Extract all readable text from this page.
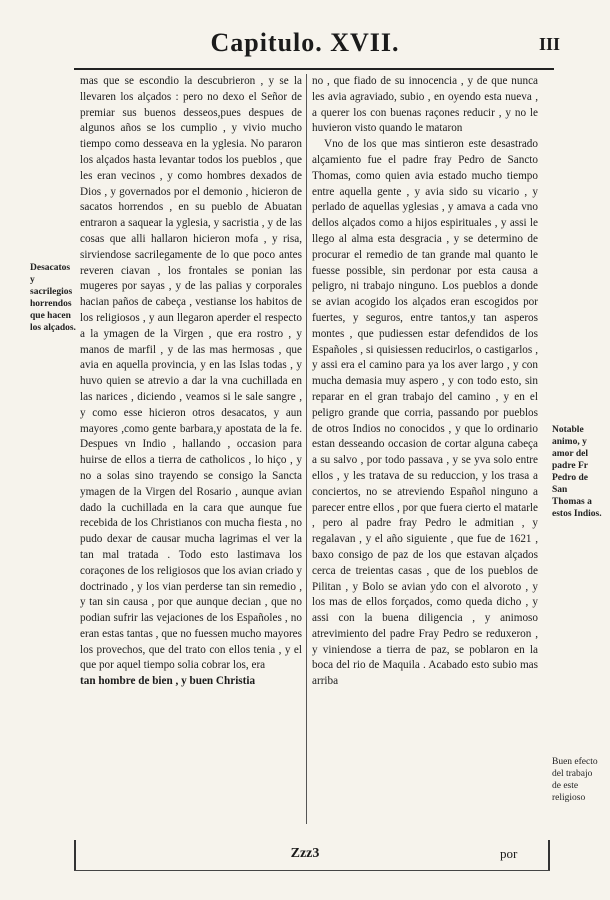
Capitulo. XVII.	III
Desacatos y sacrilegios horrendos que hacen los alçados.

mas que se escondio la descubrieron , y se la llevaren los alçados : pero no dexo el Señor de premiar sus buenos desseos,pues despues de algunos años se los cumplio , y vivio mucho tiempo como desseava en la yglesia. No pararon los alçados hasta levantar todos los pueblos , que les eran vecinos , y como hombres dexados de Dios , y governados por el demonio , hicieron de sacatos horrendos , en su pueblo de Abuatan entraron a saquear la yglesia, y sacristia , y de las cosas que alli hallaron hicieron mofa , y risa, sirviendose sacrilegamente de lo que poco antes reveren ciavan , los frontales se ponian las mugeres por sayas , y de las palias y corporales hacian paños de cabeça , vestianse los habitos de los religiosos , y aun llegaron aperder el respecto a la ymagen de la Virgen , que era rostro , y manos de marfil , y de las mas hermosas , que avia en aquella provincia, y en las Islas todas , y huvo quien se atrevio a dar la vna cuchillada en las narices , diciendo , veamos si le sale sangre , y como esse hicieron otros desacatos, y aun mayores ,como gente barbara,y apostata de la fe. Despues vn Indio , hallando , occasion para huirse de ellos a tierra de catholicos , lo hiço , y no a solas sino trayendo se consigo la Sancta ymagen de la Virgen del Rosario , aunque avian dado la cuchillada en la cara que aunque fue recebida de los Christianos con mucha fiesta , no pudo dexar de causar mucha lagrimas el ver la tan mal tratada . Todo esto lastimava los coraçones de los religiosos que los avian criado y doctrinado , y los vian perderse tan sin remedio , y tan sin causa , por que aunque decian , que no podian sufrir las vejaciones de los Españoles , no eran estas tantas , que no fuessen mucho mayores los provechos, que del trato con ellos tenia , y el que por aquel tiempo solia cobrar los, era

tan hombre de bien , y buen Christia

no , que fiado de su innocencia , y de que nunca les avia agraviado, subio , en oyendo esta nueva , a querer los con buenas raçones reducir , y no le huvieron visto quando le mataron

Vno de los que mas sintieron este desastrado alçamiento fue el padre fray Pedro de Sancto Thomas, como quien avia estado mucho tiempo entre aquella gente , y avia sido su vicario , y perlado de aquellas yglesias , y amava a cada vno dellos alçados como a hijos espirituales , y assi le llego al alma esta desgracia , y se determino de procurar el remedio de tan grande mal quanto le fuesse possible, sin perdonar por esta causa a peligro, ni trabajo ninguno. Los pueblos a donde se avian acogido los alçados eran escogidos por fuertes, y seguros, entre tantos,y tan asperos montes , que pudiessen estar defendidos de los Españoles , si quisiessen reducirlos, o castigarlos , y assi era el camino para ya los aver largo , y con mucha demasia muy aspero , y con todo esto, sin reparar en el gran trabajo del camino , y en el peligro grande que corria, passando por pueblos de otros Indios no conocidos , y que lo ordinario estan desseando occasion de cortar alguna cabeça a su salvo , por todo passava , y se yva solo entre ellos , y les tratava de su reduccion, y los trasa a conciertos, no se atreviendo Español ninguno a parecer entre ellos , por que fuera cierto el matarle , pero al padre fray Pedro le admitian , y regalavan , y el año siguiente , que fue de 1621 , baxo consigo de paz de los que estavan alçados cerca de treientas casas , que de los pueblos de Pilitan , y Bolo se avian ydo con el alvoroto , y los mas de ellos forçados, como queda dicho , y assi con la buena diligencia , y animoso atrevimiento del padre Fray Pedro se reduxeron , y viniendose a tierra de paz, se poblaron en la boca del rio de Maquila . Acabado esto subio mas arriba

Notable animo, y amor del padre Fr Pedro de San Thomas a estos Indios.
Buen efecto del trabajo de este religioso
Zzz3	por
